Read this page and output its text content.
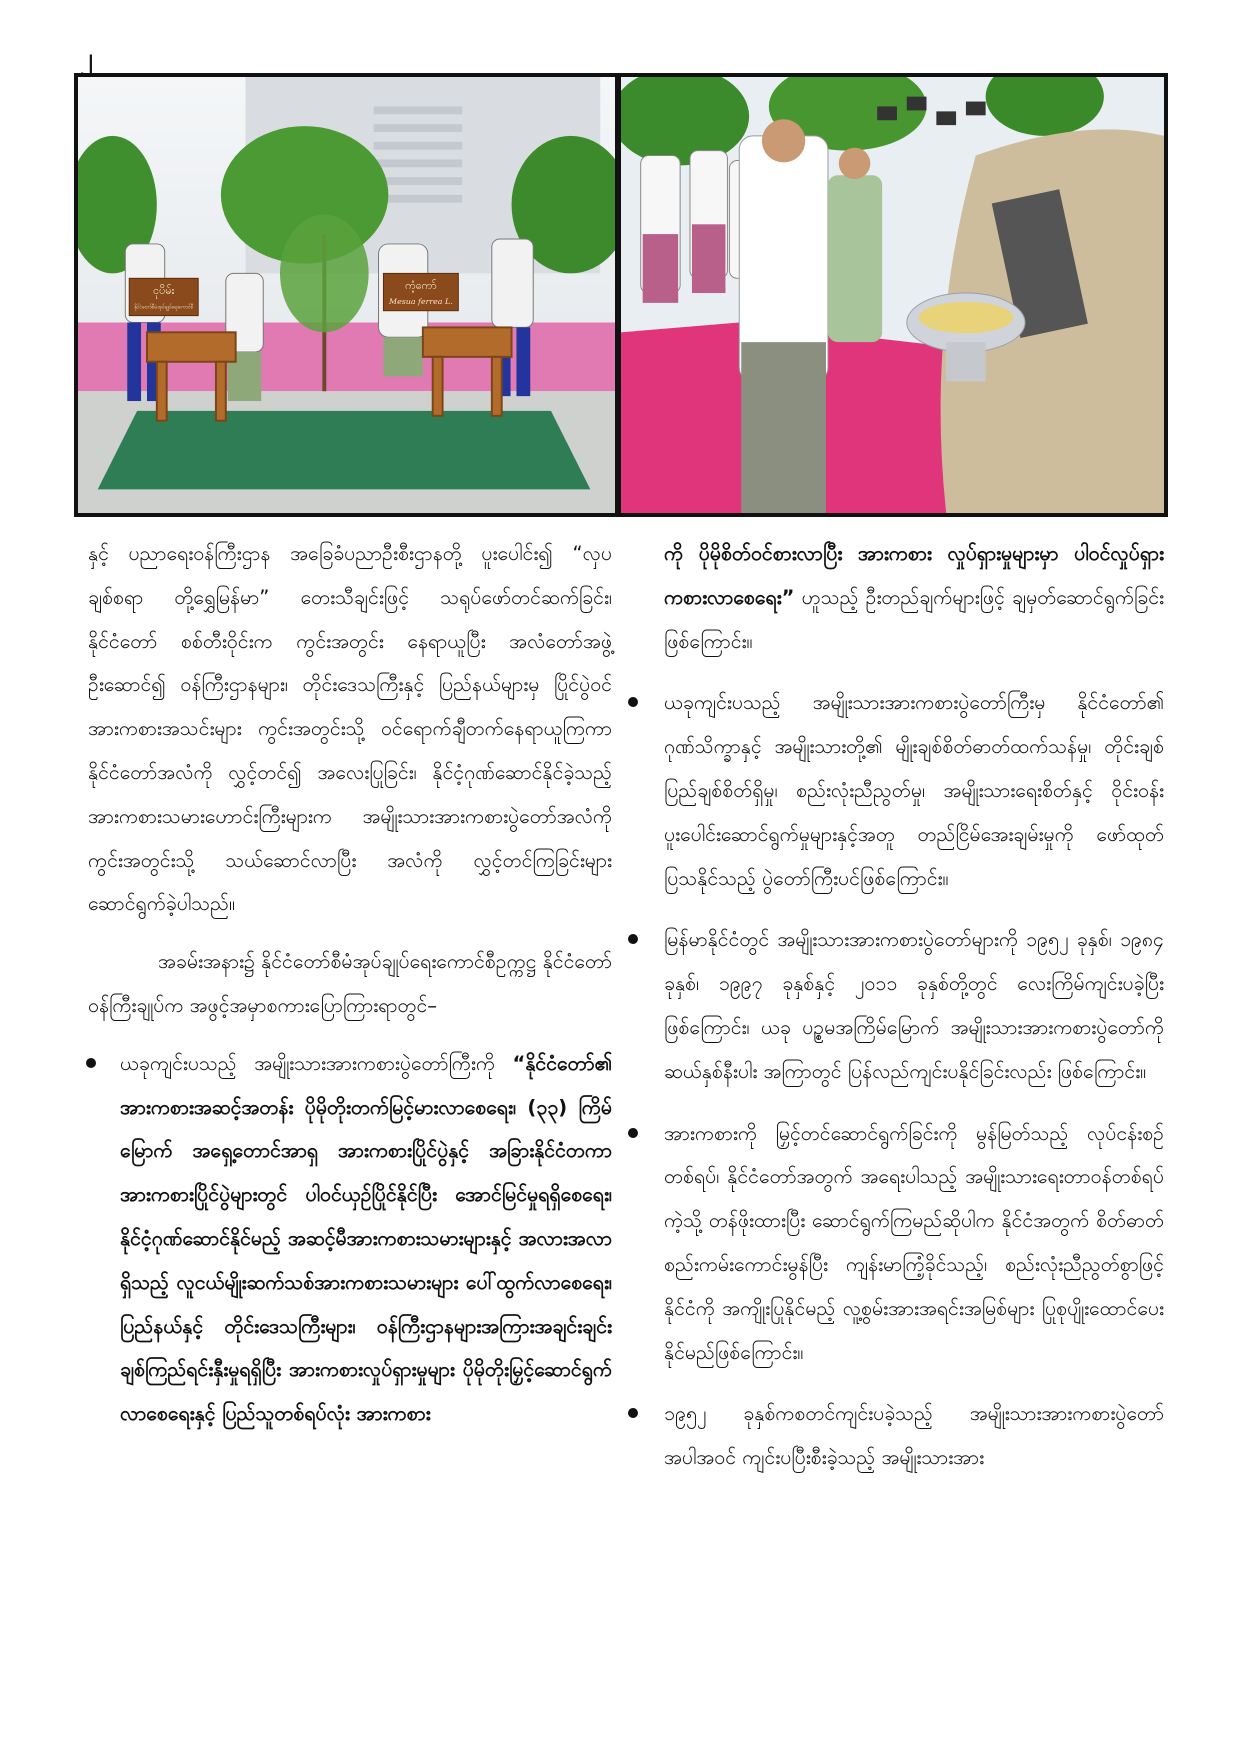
၂
ငုပိမ်း
နိုင်ငံတော်စီမံအုပ်ချုပ်ရေးကောင်စီ
ကံ့ကော်
Mesua ferrea L.

နှင့် ပညာရေးဝန်ကြီးဌာန အခြေခံပညာဦးစီးဌာနတို့ ပူးပေါင်း၍ “လှပချစ်စရာ တို့ရွှေမြန်မာ” တေးသီချင်းဖြင့် သရုပ်ဖော်တင်ဆက်ခြင်း၊ နိုင်ငံတော် စစ်တီးဝိုင်းက ကွင်းအတွင်း နေရာယူပြီး အလံတော်အဖွဲ့ဦးဆောင်၍ ဝန်ကြီးဌာနများ၊ တိုင်းဒေသကြီးနှင့် ပြည်နယ်များမှ ပြိုင်ပွဲဝင်အားကစားအသင်းများ ကွင်းအတွင်းသို့ ဝင်ရောက်ချီတက်နေရာယူကြကာ နိုင်ငံတော်အလံကို လွှင့်တင်၍ အလေးပြုခြင်း၊ နိုင်ငံ့ဂုဏ်ဆောင်နိုင်ခဲ့သည့် အားကစားသမားဟောင်းကြီးများက အမျိုးသားအားကစားပွဲတော်အလံကို ကွင်းအတွင်းသို့ သယ်ဆောင်လာပြီး အလံကို လွှင့်တင်ကြခြင်းများ ဆောင်ရွက်ခဲ့ပါသည်။

အခမ်းအနား၌ နိုင်ငံတော်စီမံအုပ်ချုပ်ရေးကောင်စီဥက္ကဋ္ဌ နိုင်ငံတော်ဝန်ကြီးချုပ်က အဖွင့်အမှာစကားပြောကြားရာတွင်–

ယခုကျင်းပသည့် အမျိုးသားအားကစားပွဲတော်ကြီးကို “နိုင်ငံတော်၏ အားကစားအဆင့်အတန်း ပိုမိုတိုးတက်မြင့်မားလာစေရေး၊ (၃၃) ကြိမ်မြောက် အရှေ့တောင်အာရှ အားကစားပြိုင်ပွဲနှင့် အခြားနိုင်ငံတကာအားကစားပြိုင်ပွဲများတွင် ပါဝင်ယှဉ်ပြိုင်နိုင်ပြီး အောင်မြင်မှုရရှိစေရေး၊ နိုင်ငံ့ဂုဏ်ဆောင်နိုင်မည့် အဆင့်မီအားကစားသမားများနှင့် အလားအလာရှိသည့် လူငယ်မျိုးဆက်သစ်အားကစားသမားများ ပေါ်ထွက်လာစေရေး၊ ပြည်နယ်နှင့် တိုင်းဒေသကြီးများ၊ ဝန်ကြီးဌာနများအကြားအချင်းချင်း ချစ်ကြည်ရင်းနှီးမှုရရှိပြီး အားကစားလှုပ်ရှားမှုများ ပိုမိုတိုးမြှင့်ဆောင်ရွက်လာစေရေးနှင့် ပြည်သူတစ်ရပ်လုံး အားကစား
ကို ပိုမိုစိတ်ဝင်စားလာပြီး အားကစား လှုပ်ရှားမှုများမှာ ပါဝင်လှုပ်ရှားကစားလာစေရေး” ဟူသည့် ဦးတည်ချက်များဖြင့် ချမှတ်ဆောင်ရွက်ခြင်းဖြစ်ကြောင်း။
ယခုကျင်းပသည့် အမျိုးသားအားကစားပွဲတော်ကြီးမှ နိုင်ငံတော်၏ ဂုဏ်သိက္ခာနှင့် အမျိုးသားတို့၏ မျိုးချစ်စိတ်ဓာတ်ထက်သန်မှု၊ တိုင်းချစ်ပြည်ချစ်စိတ်ရှိမှု၊ စည်းလုံးညီညွတ်မှု၊ အမျိုးသားရေးစိတ်နှင့် ဝိုင်းဝန်းပူးပေါင်းဆောင်ရွက်မှုများနှင့်အတူ တည်ငြိမ်အေးချမ်းမှုကို ဖော်ထုတ်ပြသနိုင်သည့် ပွဲတော်ကြီးပင်ဖြစ်ကြောင်း။
မြန်မာနိုင်ငံတွင် အမျိုးသားအားကစားပွဲတော်များကို ၁၉၅၂ ခုနှစ်၊ ၁၉၈၄ ခုနှစ်၊ ၁၉၉၇ ခုနှစ်နှင့် ၂၀၁၁ ခုနှစ်တို့တွင် လေးကြိမ်ကျင်းပခဲ့ပြီးဖြစ်ကြောင်း၊ ယခု ပဉ္စမအကြိမ်မြောက် အမျိုးသားအားကစားပွဲတော်ကို ဆယ်နှစ်နီးပါး အကြာတွင် ပြန်လည်ကျင်းပနိုင်ခြင်းလည်း ဖြစ်ကြောင်း။
အားကစားကို မြှင့်တင်ဆောင်ရွက်ခြင်းကို မွန်မြတ်သည့် လုပ်ငန်းစဉ်တစ်ရပ်၊ နိုင်ငံတော်အတွက် အရေးပါသည့် အမျိုးသားရေးတာဝန်တစ်ရပ်ကဲ့သို့ တန်ဖိုးထားပြီး ဆောင်ရွက်ကြမည်ဆိုပါက နိုင်ငံအတွက် စိတ်ဓာတ်စည်းကမ်းကောင်းမွန်ပြီး ကျန်းမာကြံ့ခိုင်သည့်၊ စည်းလုံးညီညွတ်စွာဖြင့် နိုင်ငံကို အကျိုးပြုနိုင်မည့် လူ့စွမ်းအားအရင်းအမြစ်များ ပြုစုပျိုးထောင်ပေးနိုင်မည်ဖြစ်ကြောင်း။
၁၉၅၂ ခုနှစ်ကစတင်ကျင်းပခဲ့သည့် အမျိုးသားအားကစားပွဲတော်အပါအဝင် ကျင်းပပြီးစီးခဲ့သည့် အမျိုးသားအား
